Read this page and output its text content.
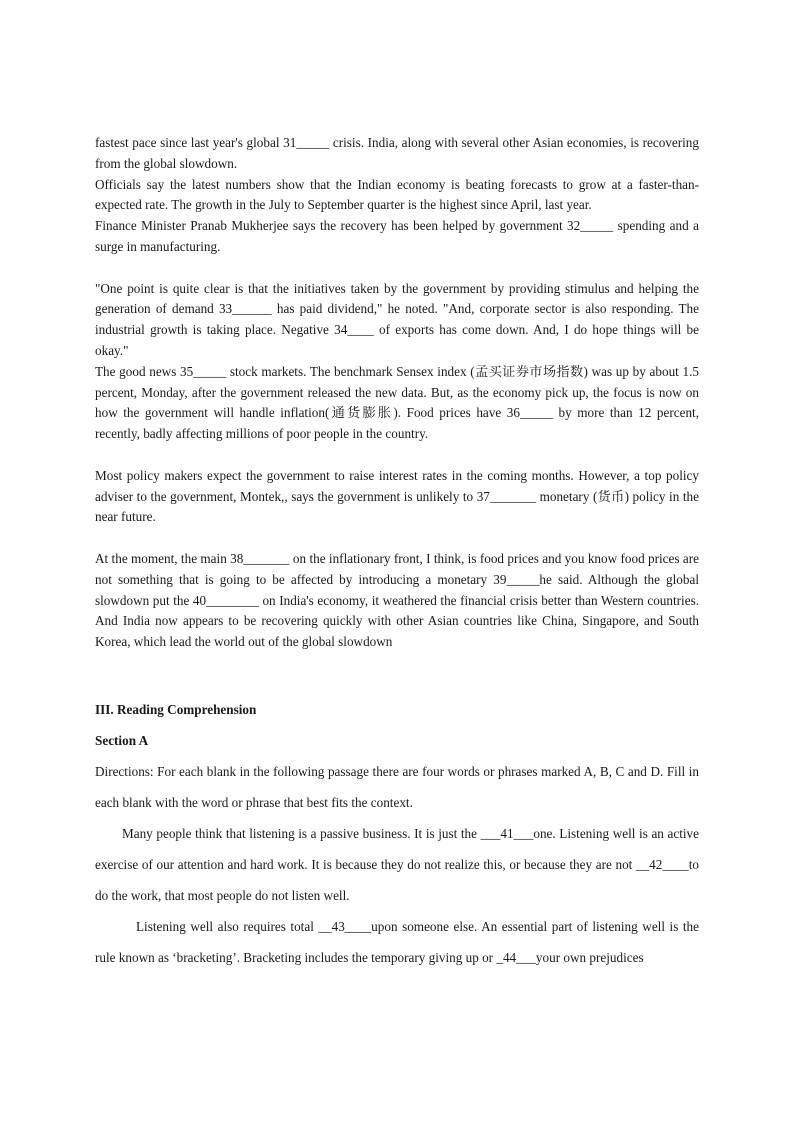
fastest pace since last year's global 31_____ crisis. India, along with several other Asian economies, is recovering from the global slowdown.

Officials say the latest numbers show that the Indian economy is beating forecasts to grow at a faster-than-expected rate. The growth in the July to September quarter is the highest since April, last year.

Finance Minister Pranab Mukherjee says the recovery has been helped by government 32_____ spending and a surge in manufacturing.

"One point is quite clear is that the initiatives taken by the government by providing stimulus and helping the generation of demand 33______ has paid dividend," he noted. "And, corporate sector is also responding. The industrial growth is taking place. Negative 34____ of exports has come down. And, I do hope things will be okay."

The good news 35_____ stock markets. The benchmark Sensex index (孟买证券市场指数) was up by about 1.5 percent, Monday, after the government released the new data. But, as the economy pick up, the focus is now on how the government will handle inflation(通货膨胀). Food prices have 36_____ by more than 12 percent, recently, badly affecting millions of poor people in the country.

Most policy makers expect the government to raise interest rates in the coming months. However, a top policy adviser to the government, Montek,, says the government is unlikely to 37_______ monetary (货币) policy in the near future.

At the moment, the main 38_______ on the inflationary front, I think, is food prices and you know food prices are not something that is going to be affected by introducing a monetary 39_____he said. Although the global slowdown put the 40________ on India's economy, it weathered the financial crisis better than Western countries. And India now appears to be recovering quickly with other Asian countries like China, Singapore, and South Korea, which lead the world out of the global slowdown

III. Reading Comprehension

Section A

Directions: For each blank in the following passage there are four words or phrases marked A, B, C and D. Fill in each blank with the word or phrase that best fits the context.

Many people think that listening is a passive business. It is just the ___41___one. Listening well is an active exercise of our attention and hard work. It is because they do not realize this, or because they are not __42____to do the work, that most people do not listen well.

Listening well also requires total __43____upon someone else. An essential part of listening well is the rule known as ‘bracketing’. Bracketing includes the temporary giving up or _44___your own prejudices
